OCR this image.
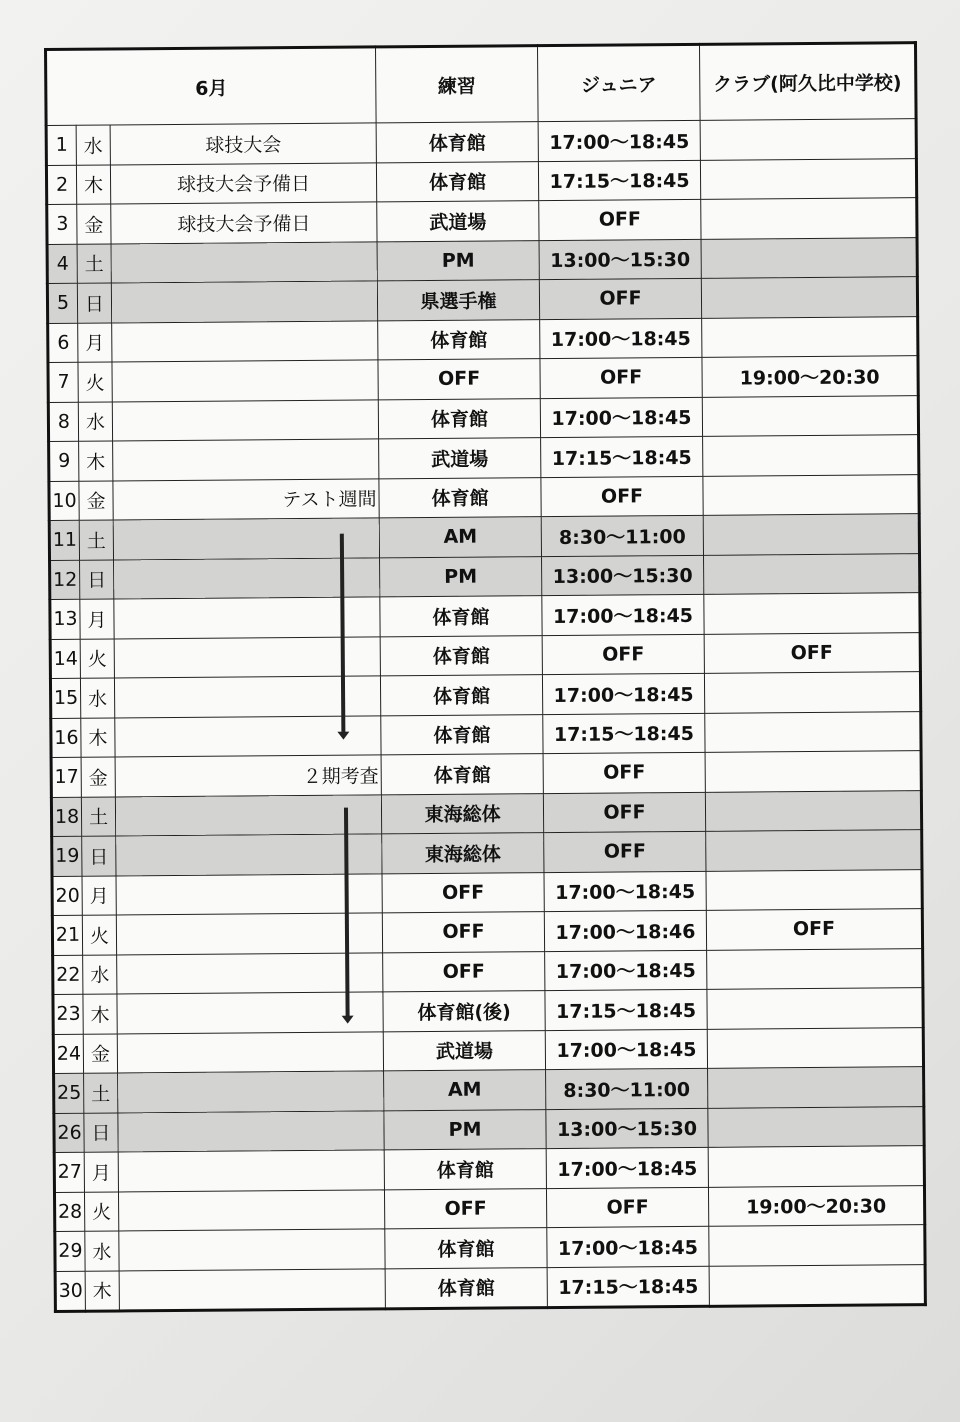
6月			練習	ジュニア	クラブ(阿久比中学校)
1	水	球技大会	体育館	17:00〜18:45	
2	木	球技大会予備日	体育館	17:15〜18:45	
3	金	球技大会予備日	武道場	OFF	
4	土		PM	13:00〜15:30	
5	日		県選手権	OFF	
6	月		体育館	17:00〜18:45	
7	火		OFF	OFF	19:00〜20:30
8	水		体育館	17:00〜18:45	
9	木		武道場	17:15〜18:45	
10	金	テスト週間	体育館	OFF	
11	土		AM	8:30〜11:00	
12	日		PM	13:00〜15:30	
13	月		体育館	17:00〜18:45	
14	火		体育館	OFF	OFF
15	水		体育館	17:00〜18:45	
16	木		体育館	17:15〜18:45	
17	金	２期考査	体育館	OFF	
18	土		東海総体	OFF	
19	日		東海総体	OFF	
20	月		OFF	17:00〜18:45	
21	火		OFF	17:00〜18:46	OFF
22	水		OFF	17:00〜18:45	
23	木		体育館(後)	17:15〜18:45	
24	金		武道場	17:00〜18:45	
25	土		AM	8:30〜11:00	
26	日		PM	13:00〜15:30	
27	月		体育館	17:00〜18:45	
28	火		OFF	OFF	19:00〜20:30
29	水		体育館	17:00〜18:45	
30	木		体育館	17:15〜18:45	
